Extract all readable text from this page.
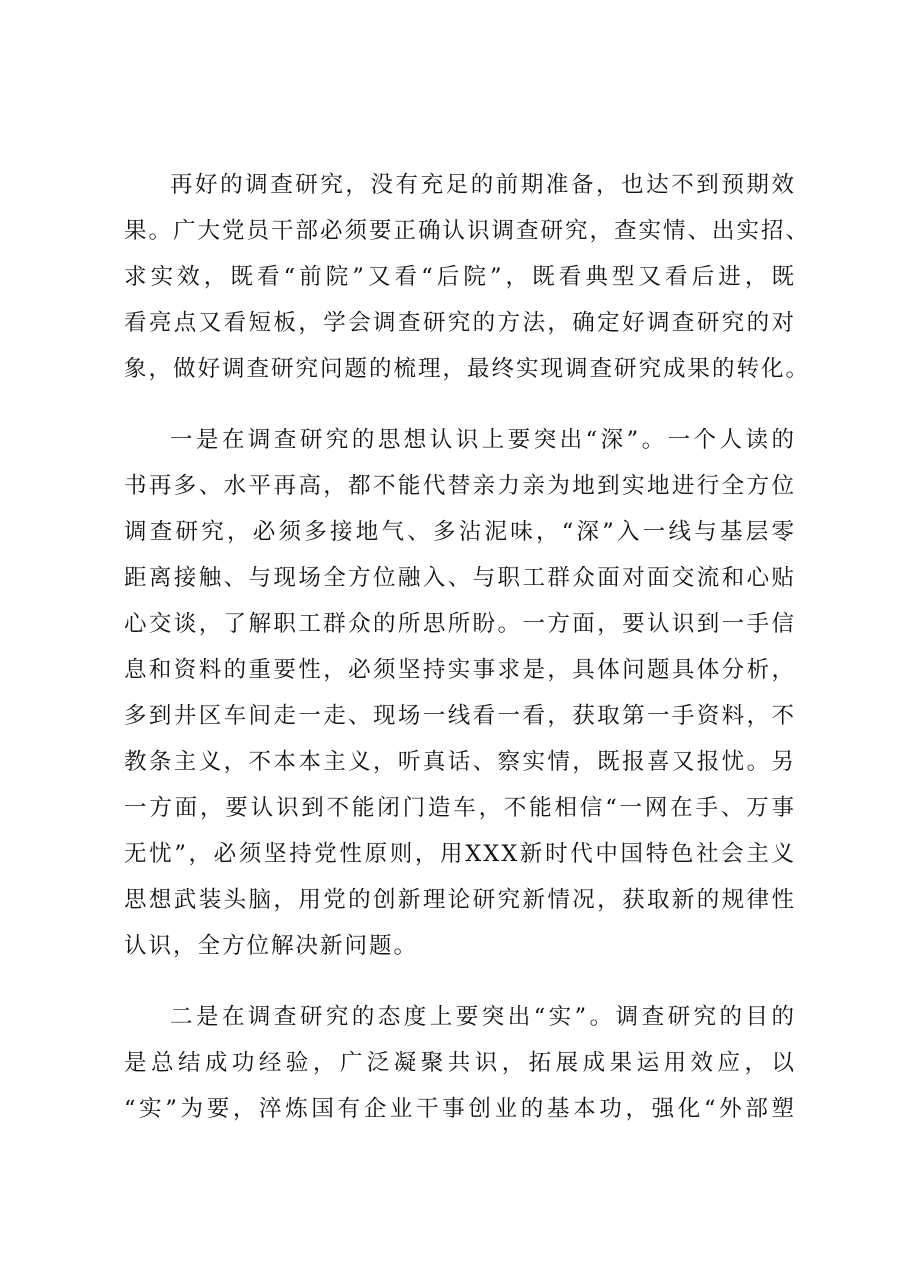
再好的调查研究，没有充足的前期准备，也达不到预期效
果。广大党员干部必须要正确认识调查研究，查实情、出实招、
求实效，既看“前院”又看“后院”，既看典型又看后进，既
看亮点又看短板，学会调查研究的方法，确定好调查研究的对
象，做好调查研究问题的梳理，最终实现调查研究成果的转化。
一是在调查研究的思想认识上要突出“深”。一个人读的
书再多、水平再高，都不能代替亲力亲为地到实地进行全方位
调查研究，必须多接地气、多沾泥味，“深”入一线与基层零
距离接触、与现场全方位融入、与职工群众面对面交流和心贴
心交谈，了解职工群众的所思所盼。一方面，要认识到一手信
息和资料的重要性，必须坚持实事求是，具体问题具体分析，
多到井区车间走一走、现场一线看一看，获取第一手资料，不
教条主义，不本本主义，听真话、察实情，既报喜又报忧。另
一方面，要认识到不能闭门造车，不能相信“一网在手、万事
无忧”，必须坚持党性原则，用XXX新时代中国特色社会主义
思想武装头脑，用党的创新理论研究新情况，获取新的规律性
认识，全方位解决新问题。
二是在调查研究的态度上要突出“实”。调查研究的目的
是总结成功经验，广泛凝聚共识，拓展成果运用效应，以
“实”为要，淬炼国有企业干事创业的基本功，强化“外部塑
